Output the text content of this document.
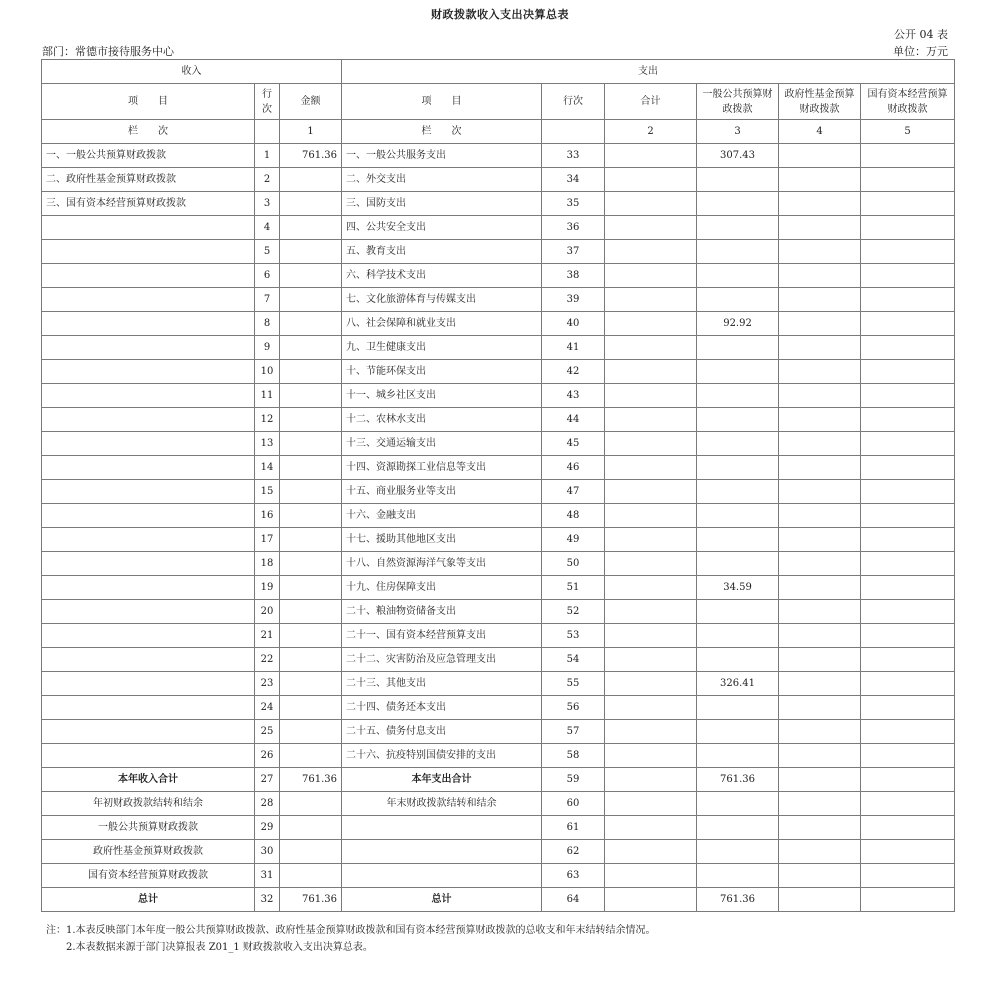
财政拨款收入支出决算总表
公开 04 表
部门：常德市接待服务中心	单位：万元
收入			支出					
项　　目	行次	金额	项　　目	行次	合计	一般公共预算财政拨款	政府性基金预算财政拨款	国有资本经营预算财政拨款
栏　　次		1	栏　　次		2	3	4	5
一、一般公共预算财政拨款	1	761.36	一、一般公共服务支出	33		307.43		
二、政府性基金预算财政拨款	2		二、外交支出	34				
三、国有资本经营预算财政拨款	3		三、国防支出	35				
	4		四、公共安全支出	36				
	5		五、教育支出	37				
	6		六、科学技术支出	38				
	7		七、文化旅游体育与传媒支出	39				
	8		八、社会保障和就业支出	40		92.92		
	9		九、卫生健康支出	41				
	10		十、节能环保支出	42				
	11		十一、城乡社区支出	43				
	12		十二、农林水支出	44				
	13		十三、交通运输支出	45				
	14		十四、资源勘探工业信息等支出	46				
	15		十五、商业服务业等支出	47				
	16		十六、金融支出	48				
	17		十七、援助其他地区支出	49				
	18		十八、自然资源海洋气象等支出	50				
	19		十九、住房保障支出	51		34.59		
	20		二十、粮油物资储备支出	52				
	21		二十一、国有资本经营预算支出	53				
	22		二十二、灾害防治及应急管理支出	54				
	23		二十三、其他支出	55		326.41		
	24		二十四、债务还本支出	56				
	25		二十五、债务付息支出	57				
	26		二十六、抗疫特别国债安排的支出	58				
本年收入合计	27	761.36	本年支出合计	59		761.36		
年初财政拨款结转和结余	28		年末财政拨款结转和结余	60				
一般公共预算财政拨款	29			61				
政府性基金预算财政拨款	30			62				
国有资本经营预算财政拨款	31			63				
总计	32	761.36	总计	64		761.36		
注：1.本表反映部门本年度一般公共预算财政拨款、政府性基金预算财政拨款和国有资本经营预算财政拨款的总收支和年末结转结余情况。
2.本表数据来源于部门决算报表 Z01_1 财政拨款收入支出决算总表。
